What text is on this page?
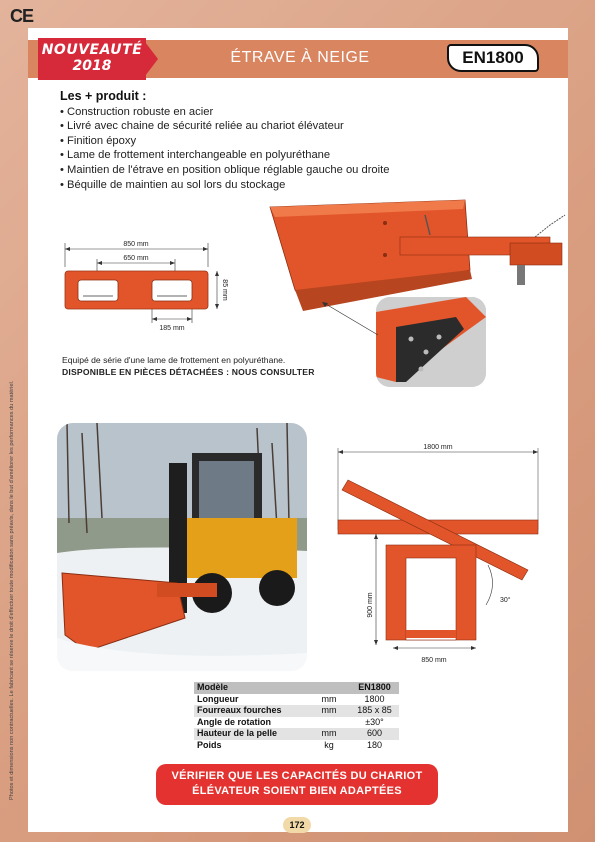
CE
Photos et dimensions non contractuelles. Le fabricant se réserve le droit d'effectuer toute modification sans préavis, dans le but d'améliorer les performances du matériel.
NOUVEAUTÉ
2018	ÉTRAVE À NEIGE	EN1800
Les + produit :
• Construction robuste en acier
• Livré avec chaine de sécurité reliée au chariot élévateur
• Finition époxy
• Lame de frottement interchangeable en polyuréthane
• Maintien de l'étrave en position oblique réglable gauche ou droite
• Béquille de maintien au sol lors du stockage
850 mm
650 mm
85 mm
185 mm
Equipé de série d'une lame de frottement en polyuréthane.
DISPONIBLE EN PIÈCES DÉTACHÉES : NOUS CONSULTER
1800 mm
900 mm
850 mm
30°
Modèle		EN1800
Longueur	mm	1800
Fourreaux fourches	mm	185 x 85
Angle de rotation		±30°
Hauteur de la pelle	mm	600
Poids	kg	180
VÉRIFIER QUE LES CAPACITÉS DU CHARIOT
ÉLÉVATEUR SOIENT BIEN ADAPTÉES
172
